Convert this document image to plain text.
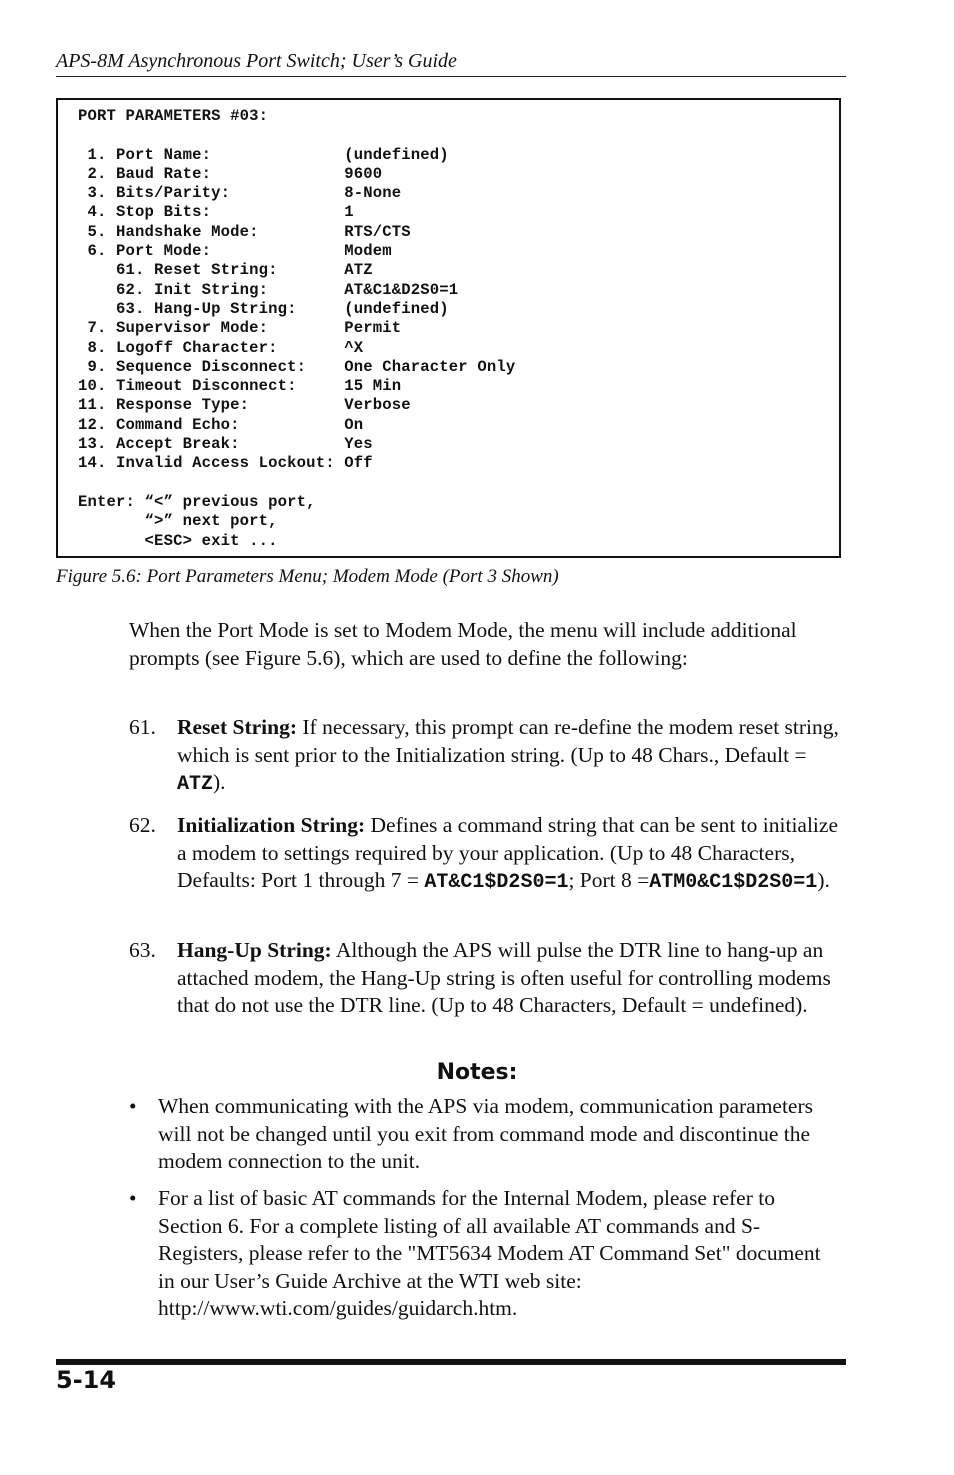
APS-8M Asynchronous Port Switch; User’s Guide
PORT PARAMETERS #03:

1. Port Name:              (undefined)
2. Baud Rate:              9600
3. Bits/Parity:            8-None
4. Stop Bits:              1
5. Handshake Mode:         RTS/CTS
6. Port Mode:              Modem
61. Reset String:       ATZ
62. Init String:        AT&C1&D2S0=1
63. Hang-Up String:     (undefined)
7. Supervisor Mode:        Permit
8. Logoff Character:       ^X
9. Sequence Disconnect:    One Character Only
10. Timeout Disconnect:     15 Min
11. Response Type:          Verbose
12. Command Echo:           On
13. Accept Break:           Yes
14. Invalid Access Lockout: Off

Enter: “<” previous port,
“>” next port,
<ESC> exit ...
Figure 5.6: Port Parameters Menu; Modem Mode (Port 3 Shown)
When the Port Mode is set to Modem Mode, the menu will include additional prompts (see Figure 5.6), which are used to define the following:
61. Reset String: If necessary, this prompt can re-define the modem reset string, which is sent prior to the Initialization string. (Up to 48 Chars., Default = ATZ).
62. Initialization String: Defines a command string that can be sent to initialize a modem to settings required by your application. (Up to 48 Characters, Defaults: Port 1 through 7 = AT&C1$D2S0=1; Port 8 =ATM0&C1$D2S0=1).
63. Hang-Up String: Although the APS will pulse the DTR line to hang-up an attached modem, the Hang-Up string is often useful for controlling modems that do not use the DTR line. (Up to 48 Characters, Default = undefined).
Notes:
• When communicating with the APS via modem, communication parameters will not be changed until you exit from command mode and discontinue the modem connection to the unit.
• For a list of basic AT commands for the Internal Modem, please refer to Section 6. For a complete listing of all available AT commands and S-Registers, please refer to the "MT5634 Modem AT Command Set" document in our User’s Guide Archive at the WTI web site: http://www.wti.com/guides/guidarch.htm.
5-14
